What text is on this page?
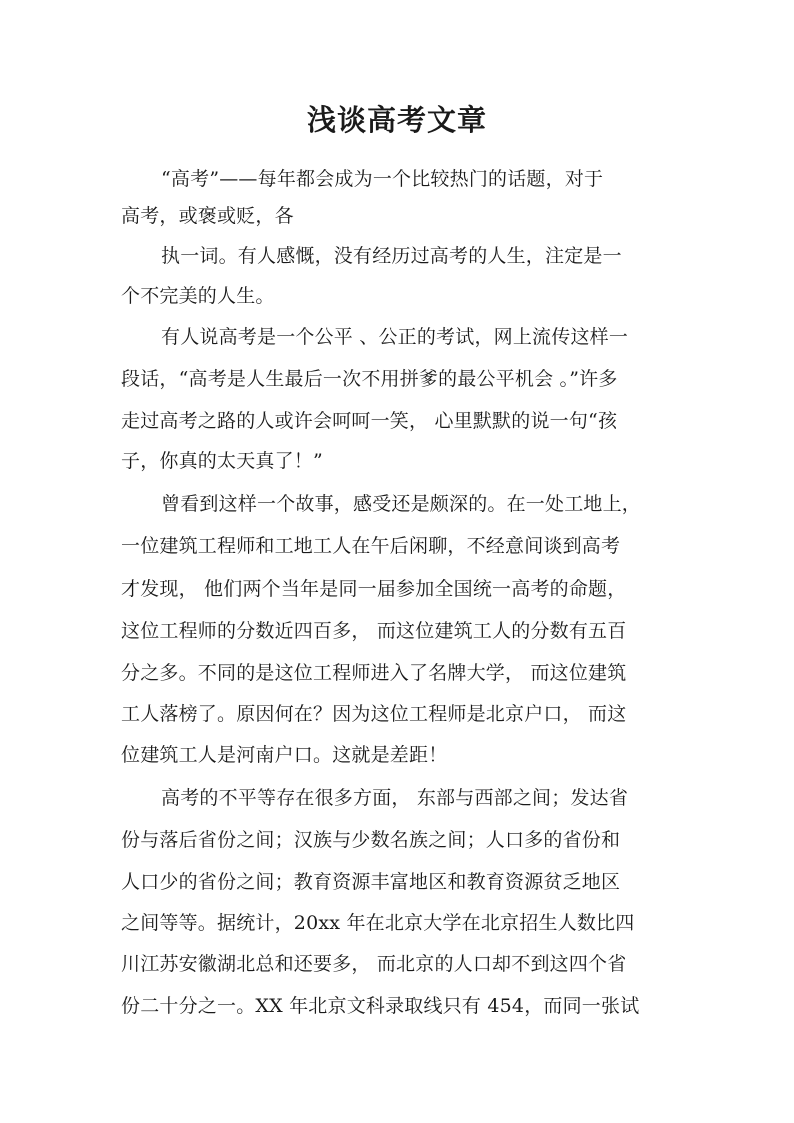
浅谈高考文章
“高考”——每年都会成为一个比较热门的话题，对于
高考，或褒或贬，各
执一词。有人感慨，没有经历过高考的人生，注定是一
个不完美的人生。
有人说高考是一个公平 、公正的考试，网上流传这样一
段话，“高考是人生最后一次不用拼爹的最公平机会 。”许多
走过高考之路的人或许会呵呵一笑， 心里默默的说一句“孩
子，你真的太天真了！”
曾看到这样一个故事，感受还是颇深的。在一处工地上，
一位建筑工程师和工地工人在午后闲聊，不经意间谈到高考
才发现， 他们两个当年是同一届参加全国统一高考的命题，
这位工程师的分数近四百多， 而这位建筑工人的分数有五百
分之多。不同的是这位工程师进入了名牌大学， 而这位建筑
工人落榜了。原因何在？因为这位工程师是北京户口， 而这
位建筑工人是河南户口。这就是差距！
高考的不平等存在很多方面， 东部与西部之间；发达省
份与落后省份之间；汉族与少数名族之间；人口多的省份和
人口少的省份之间；教育资源丰富地区和教育资源贫乏地区
之间等等。据统计，20xx 年在北京大学在北京招生人数比四
川江苏安徽湖北总和还要多， 而北京的人口却不到这四个省
份二十分之一。XX 年北京文科录取线只有 454，而同一张试
